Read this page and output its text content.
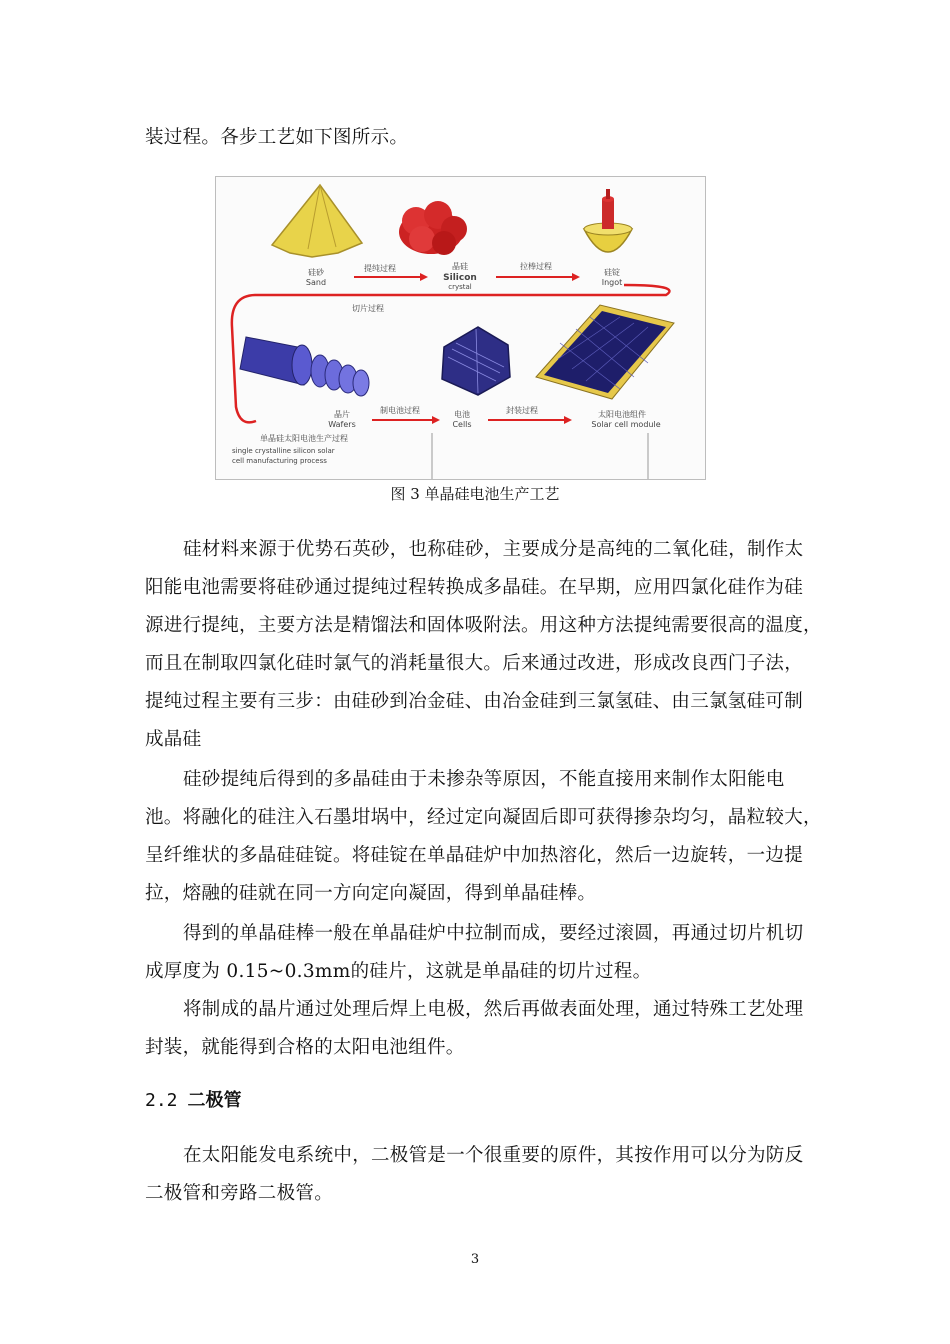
装过程。各步工艺如下图所示。
硅砂
Sand
提纯过程	晶硅
Silicon
crystal
拉棒过程
硅锭
Ingot
切片过程
晶片
Wafers
制电池过程	电池
Cells
封装过程	太阳电池组件
Solar cell module
单晶硅太阳电池生产过程
single crystalline silicon solar
cell manufacturing process
图 3 单晶硅电池生产工艺
硅材料来源于优势石英砂，也称硅砂，主要成分是高纯的二氧化硅，制作太
阳能电池需要将硅砂通过提纯过程转换成多晶硅。在早期，应用四氯化硅作为硅
源进行提纯，主要方法是精馏法和固体吸附法。用这种方法提纯需要很高的温度，
而且在制取四氯化硅时氯气的消耗量很大。后来通过改进，形成改良西门子法，
提纯过程主要有三步：由硅砂到冶金硅、由冶金硅到三氯氢硅、由三氯氢硅可制
成晶硅
硅砂提纯后得到的多晶硅由于未掺杂等原因，不能直接用来制作太阳能电
池。将融化的硅注入石墨坩埚中，经过定向凝固后即可获得掺杂均匀，晶粒较大，
呈纤维状的多晶硅硅锭。将硅锭在单晶硅炉中加热溶化，然后一边旋转，一边提
拉，熔融的硅就在同一方向定向凝固，得到单晶硅棒。
得到的单晶硅棒一般在单晶硅炉中拉制而成，要经过滚圆，再通过切片机切
成厚度为 0.15~0.3mm的硅片，这就是单晶硅的切片过程。
将制成的晶片通过处理后焊上电极，然后再做表面处理，通过特殊工艺处理
封装，就能得到合格的太阳电池组件。
2.2 二极管
在太阳能发电系统中，二极管是一个很重要的原件，其按作用可以分为防反
二极管和旁路二极管。
3
